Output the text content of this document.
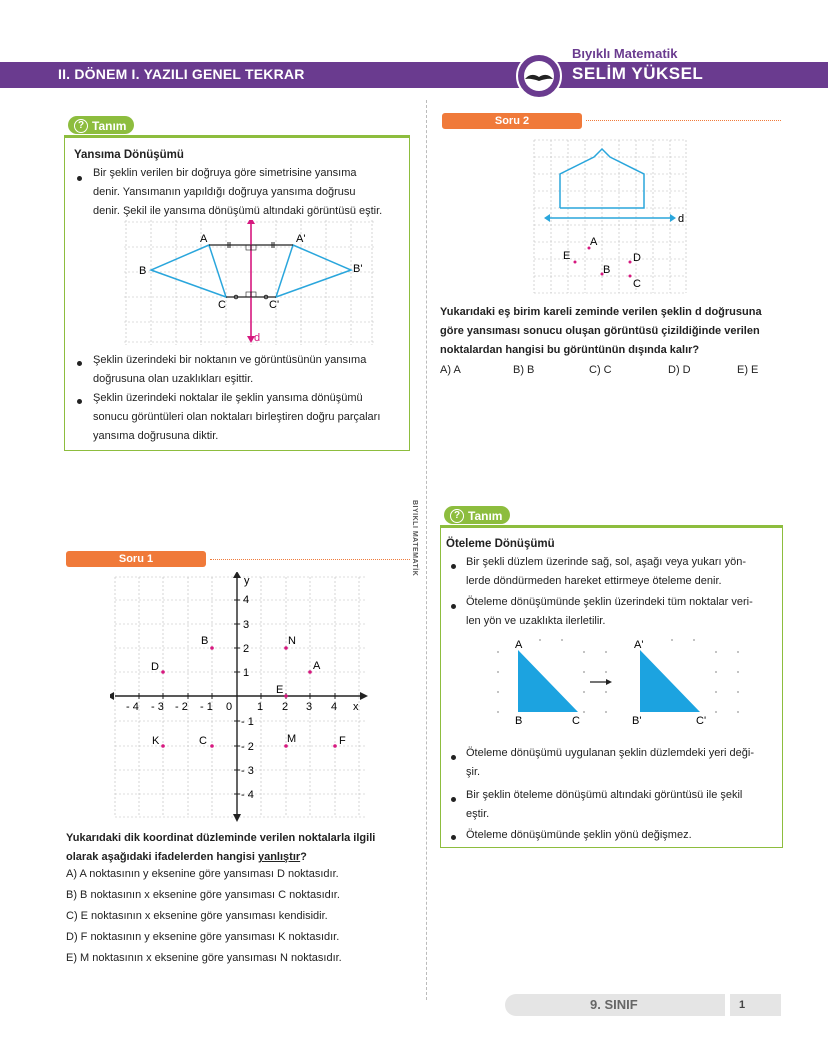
II. DÖNEM I. YAZILI GENEL TEKRAR
Bıyıklı Matematik
SELİM YÜKSEL
BIYIKLI MATEMATİK
? Tanım
Yansıma Dönüşümü
Bir şeklin verilen bir doğruya göre simetrisine yansıma
denir. Yansımanın yapıldığı doğruya yansıma doğrusu
denir. Şekil ile yansıma dönüşümü altındaki görüntüsü eştir.
A	A'
B	B'
C	C'
d
Şeklin üzerindeki bir noktanın ve görüntüsünün yansıma
doğrusuna olan uzaklıkları eşittir.
Şeklin üzerindeki noktalar ile şeklin yansıma dönüşümü
sonucu görüntüleri olan noktaları birleştiren doğru parçaları
yansıma doğrusuna diktir.
Soru 1
x
y
- 4 - 3 - 2 - 1 0 1 2 3 4
4
3
2
1
- 1
- 2
- 3
- 4
D
B	N
A
E
K	C	M	F
Yukarıdaki dik koordinat düzleminde verilen noktalarla ilgili
olarak aşağıdaki ifadelerden hangisi yanlıştır?
A) A noktasının y eksenine göre yansıması D noktasıdır.
B) B noktasının x eksenine göre yansıması C noktasıdır.
C) E noktasının x eksenine göre yansıması kendisidir.
D) F noktasının y eksenine göre yansıması K noktasıdır.
E) M noktasının x eksenine göre yansıması N noktasıdır.
Soru 2
A
E
B
D
C
d
Yukarıdaki eş birim kareli zeminde verilen şeklin d doğrusuna
göre yansıması sonucu oluşan görüntüsü çizildiğinde verilen
noktalardan hangisi bu görüntünün dışında kalır?
A) A	B) B	C) C	D) D	E) E
? Tanım
Öteleme Dönüşümü
Bir şekli düzlem üzerinde sağ, sol, aşağı veya yukarı yön-
lerde döndürmeden hareket ettirmeye öteleme denir.
Öteleme dönüşümünde şeklin üzerindeki tüm noktalar veri-
len yön ve uzaklıkta ilerletilir.
A	A'
B	B'
C	C'
Öteleme dönüşümü uygulanan şeklin düzlemdeki yeri deği-
şir.
Bir şeklin öteleme dönüşümü altındaki görüntüsü ile şekil
eştir.
Öteleme dönüşümünde şeklin yönü değişmez.
9. SINIF	1
